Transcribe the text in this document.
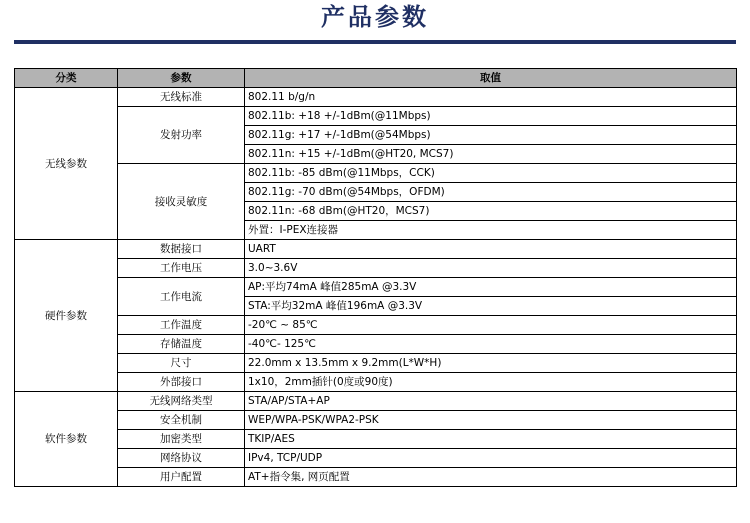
产品参数
分类	参数	取值
无线参数	无线标准	802.11 b/g/n
	发射功率	802.11b: +18 +/-1dBm(@11Mbps)
		802.11g: +17 +/-1dBm(@54Mbps)
		802.11n: +15 +/-1dBm(@HT20, MCS7)
	接收灵敏度	802.11b: -85 dBm(@11Mbps，CCK)
		802.11g: -70 dBm(@54Mbps，OFDM)
		802.11n: -68 dBm(@HT20，MCS7)
		外置：I-PEX连接器
硬件参数	数据接口	UART
	工作电压	3.0~3.6V
	工作电流	AP:平均74mA 峰值285mA @3.3V
		STA:平均32mA 峰值196mA @3.3V
	工作温度	-20℃ ~ 85℃
	存储温度	-40℃- 125℃
	尺寸	22.0mm x 13.5mm x 9.2mm(L*W*H)
	外部接口	1x10，2mm插针(0度或90度)
软件参数	无线网络类型	STA/AP/STA+AP
	安全机制	WEP/WPA-PSK/WPA2-PSK
	加密类型	TKIP/AES
	网络协议	IPv4, TCP/UDP
	用户配置	AT+指令集, 网页配置
